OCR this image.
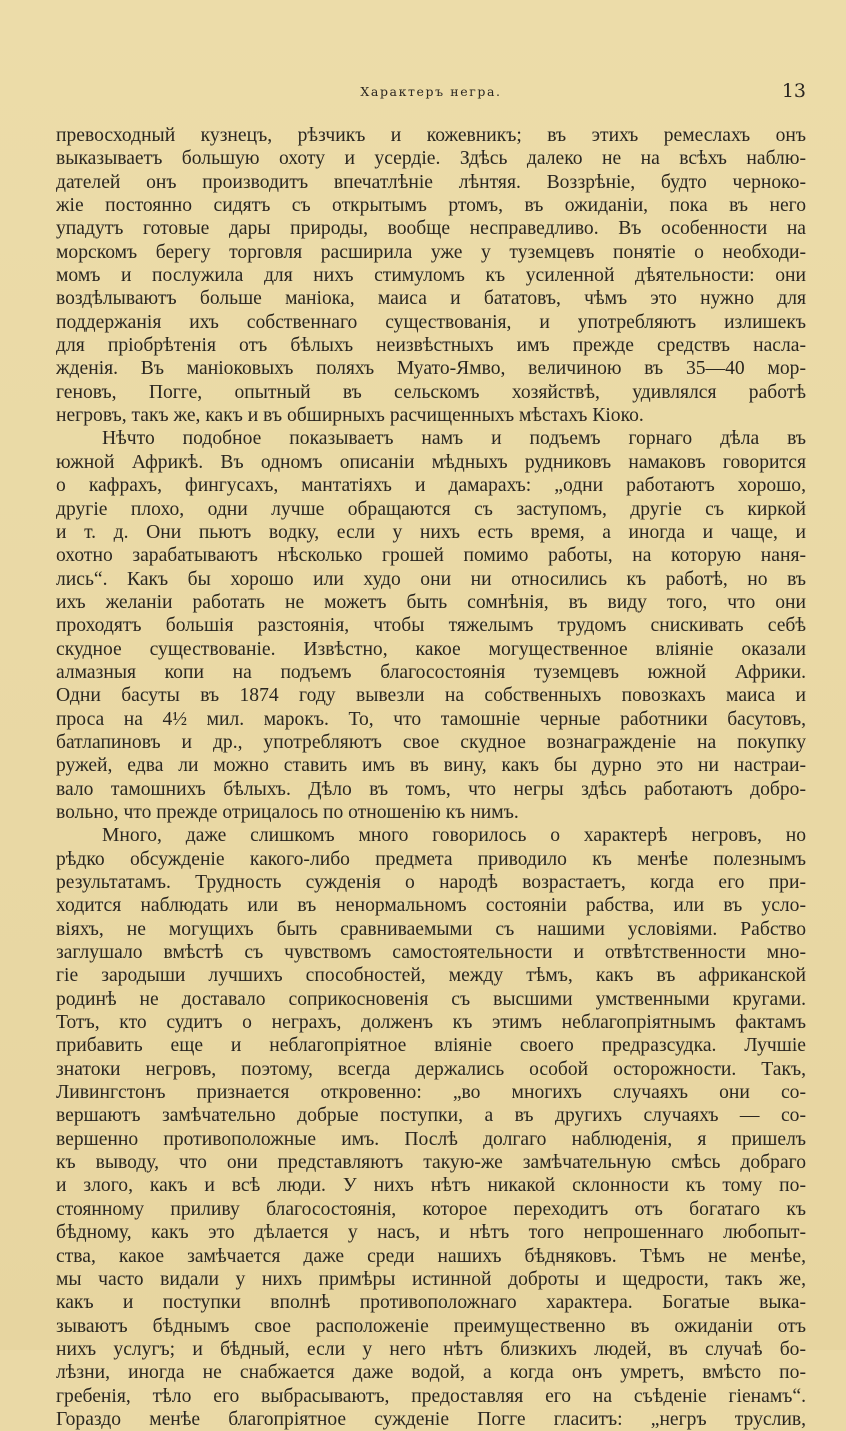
Характеръ негра.	13
превосходный кузнецъ, рѣзчикъ и кожевникъ; въ этихъ ремеслахъ онъ
выказываетъ большую охоту и усердіе. Здѣсь далеко не на всѣхъ наблю-
дателей онъ производитъ впечатлѣніе лѣнтяя. Воззрѣніе, будто черноко-
жіе постоянно сидятъ съ открытымъ ртомъ, въ ожиданіи, пока въ него
упадутъ готовые дары природы, вообще несправедливо. Въ особенности на
морскомъ берегу торговля расширила уже у туземцевъ понятіе о необходи-
момъ и послужила для нихъ стимуломъ къ усиленной дѣятельности: они
воздѣлываютъ больше маніока, маиса и бататовъ, чѣмъ это нужно для
поддержанія ихъ собственнаго существованія, и употребляютъ излишекъ
для пріобрѣтенія отъ бѣлыхъ неизвѣстныхъ имъ прежде средствъ насла-
жденія. Въ маніоковыхъ поляхъ Муато-Ямво, величиною въ 35—40 мор-
геновъ, Погге, опытный въ сельскомъ хозяйствѣ, удивлялся работѣ
негровъ, такъ же, какъ и въ обширныхъ расчищенныхъ мѣстахъ Кіоко.
Нѣчто подобное показываетъ намъ и подъемъ горнаго дѣла въ
южной Африкѣ. Въ одномъ описаніи мѣдныхъ рудниковъ намаковъ говорится
о кафрахъ, фингусахъ, мантатіяхъ и дамарахъ: „одни работаютъ хорошо,
другіе плохо, одни лучше обращаются съ заступомъ, другіе съ киркой
и т. д. Они пьютъ водку, если у нихъ есть время, а иногда и чаще, и
охотно зарабатываютъ нѣсколько грошей помимо работы, на которую наня-
лись“. Какъ бы хорошо или худо они ни относились къ работѣ, но въ
ихъ желаніи работать не можетъ быть сомнѣнія, въ виду того, что они
проходятъ большія разстоянія, чтобы тяжелымъ трудомъ снискивать себѣ
скудное существованіе. Извѣстно, какое могущественное вліяніе оказали
алмазныя копи на подъемъ благосостоянія туземцевъ южной Африки.
Одни басуты въ 1874 году вывезли на собственныхъ повозкахъ маиса и
проса на 4½ мил. марокъ. То, что тамошніе черные работники басутовъ,
батлапиновъ и др., употребляютъ свое скудное вознагражденіе на покупку
ружей, едва ли можно ставить имъ въ вину, какъ бы дурно это ни настраи-
вало тамошнихъ бѣлыхъ. Дѣло въ томъ, что негры здѣсь работаютъ добро-
вольно, что прежде отрицалось по отношенію къ нимъ.
Много, даже слишкомъ много говорилось о характерѣ негровъ, но
рѣдко обсужденіе какого-либо предмета приводило къ менѣе полезнымъ
результатамъ. Трудность сужденія о народѣ возрастаетъ, когда его при-
ходится наблюдать или въ ненормальномъ состояніи рабства, или въ усло-
віяхъ, не могущихъ быть сравниваемыми съ нашими условіями. Рабство
заглушало вмѣстѣ съ чувствомъ самостоятельности и отвѣтственности мно-
гіе зародыши лучшихъ способностей, между тѣмъ, какъ въ африканской
родинѣ не доставало соприкосновенія съ высшими умственными кругами.
Тотъ, кто судитъ о неграхъ, долженъ къ этимъ неблагопріятнымъ фактамъ
прибавить еще и неблагопріятное вліяніе своего предразсудка. Лучшіе
знатоки негровъ, поэтому, всегда держались особой осторожности. Такъ,
Ливингстонъ признается откровенно: „во многихъ случаяхъ они со-
вершаютъ замѣчательно добрые поступки, а въ другихъ случаяхъ — со-
вершенно противоположные имъ. Послѣ долгаго наблюденія, я пришелъ
къ выводу, что они представляютъ такую-же замѣчательную смѣсь добраго
и злого, какъ и всѣ люди. У нихъ нѣтъ никакой склонности къ тому по-
стоянному приливу благосостоянія, которое переходитъ отъ богатаго къ
бѣдному, какъ это дѣлается у насъ, и нѣтъ того непрошеннаго любопыт-
ства, какое замѣчается даже среди нашихъ бѣдняковъ. Тѣмъ не менѣе,
мы часто видали у нихъ примѣры истинной доброты и щедрости, такъ же,
какъ и поступки вполнѣ противоположнаго характера. Богатые выка-
зываютъ бѣднымъ свое расположеніе преимущественно въ ожиданіи отъ
нихъ услугъ; и бѣдный, если у него нѣтъ близкихъ людей, въ случаѣ бо-
лѣзни, иногда не снабжается даже водой, а когда онъ умретъ, вмѣсто по-
гребенія, тѣло его выбрасываютъ, предоставляя его на съѣденіе гіенамъ“.
Гораздо менѣе благопріятное сужденіе Погге гласитъ: „негръ труслив,
